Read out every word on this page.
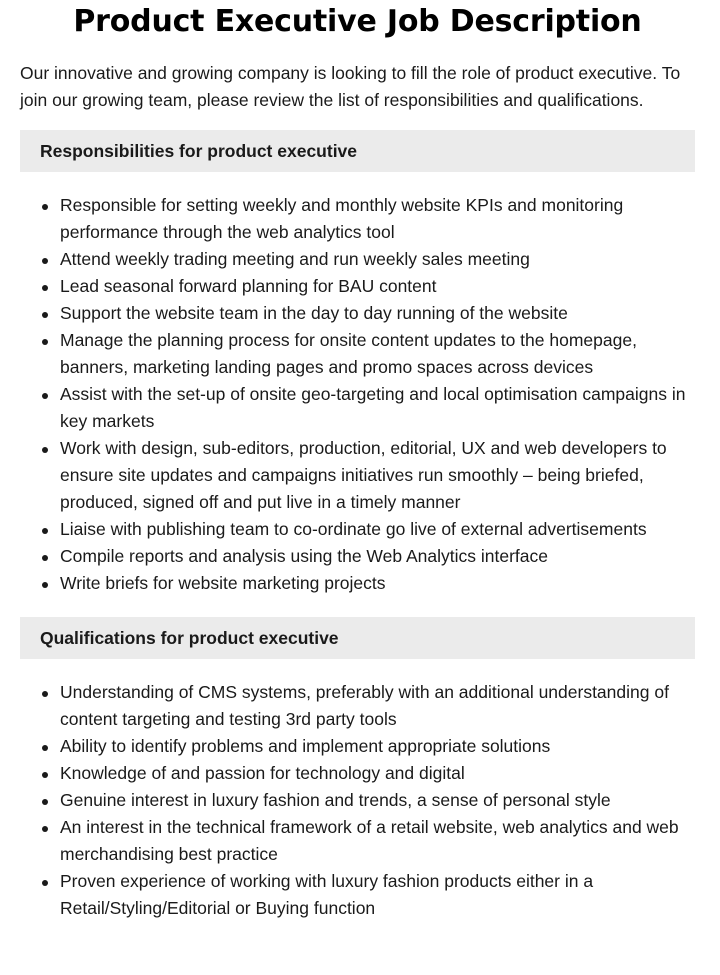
Product Executive Job Description

Our innovative and growing company is looking to fill the role of product executive. To join our growing team, please review the list of responsibilities and qualifications.

Responsibilities for product executive
Responsible for setting weekly and monthly website KPIs and monitoring performance through the web analytics tool
Attend weekly trading meeting and run weekly sales meeting
Lead seasonal forward planning for BAU content
Support the website team in the day to day running of the website
Manage the planning process for onsite content updates to the homepage, banners, marketing landing pages and promo spaces across devices
Assist with the set-up of onsite geo-targeting and local optimisation campaigns in key markets
Work with design, sub-editors, production, editorial, UX and web developers to ensure site updates and campaigns initiatives run smoothly – being briefed, produced, signed off and put live in a timely manner
Liaise with publishing team to co-ordinate go live of external advertisements
Compile reports and analysis using the Web Analytics interface
Write briefs for website marketing projects
Qualifications for product executive
Understanding of CMS systems, preferably with an additional understanding of content targeting and testing 3rd party tools
Ability to identify problems and implement appropriate solutions
Knowledge of and passion for technology and digital
Genuine interest in luxury fashion and trends, a sense of personal style
An interest in the technical framework of a retail website, web analytics and web merchandising best practice
Proven experience of working with luxury fashion products either in a Retail/Styling/Editorial or Buying function
